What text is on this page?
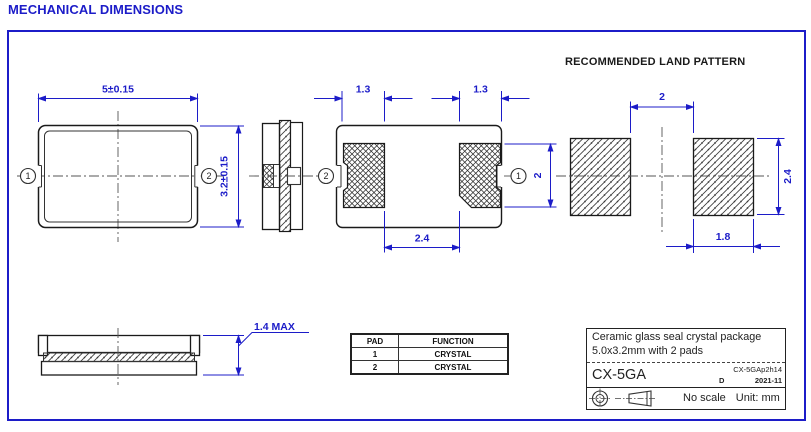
MECHANICAL DIMENSIONS
RECOMMENDED LAND PATTERN
1	2
5±0.15
3.2±0.15	2	1
1.3	1.3
2.4
2
2
2.4
1.8
1.4 MAX
PAD	FUNCTION
1	CRYSTAL
2	CRYSTAL
Ceramic glass seal crystal package
5.0x3.2mm with 2 pads
CX-5GA	CX-5GAp2h14
D	2021-11
No scale Unit: mm
